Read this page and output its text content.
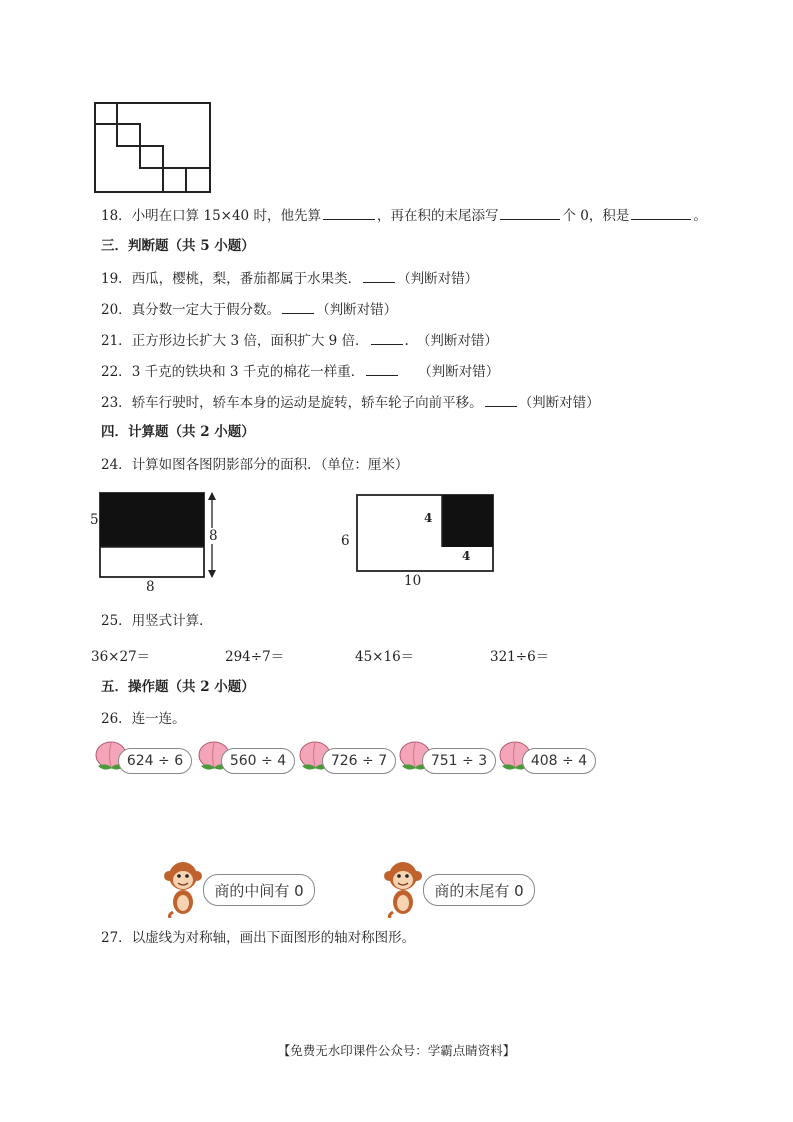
18．小明在口算 15×40 时，他先算	，再在积的末尾添写	个 0，积是	。
三．判断题（共 5 小题）
19．西瓜，樱桃，梨，番茄都属于水果类．	（判断对错）
20．真分数一定大于假分数。	（判断对错）
21．正方形边长扩大 3 倍，面积扩大 9 倍．	. （判断对错）
22．3 千克的铁块和 3 千克的棉花一样重．	（判断对错）
23．轿车行驶时，轿车本身的运动是旋转，轿车轮子向前平移。	（判断对错）
四．计算题（共 2 小题）
24．计算如图各图阴影部分的面积．（单位：厘米）
5
8
8
6
4
4
10
25．用竖式计算．
36×27＝	294÷7＝	45×16＝	321÷6＝
五．操作题（共 2 小题）
26．连一连。
624 ÷ 6	560 ÷ 4	726 ÷ 7	751 ÷ 3	408 ÷ 4
商的中间有 0	商的末尾有 0
27．以虚线为对称轴，画出下面图形的轴对称图形。
【免费无水印课件公众号：学霸点睛资料】
